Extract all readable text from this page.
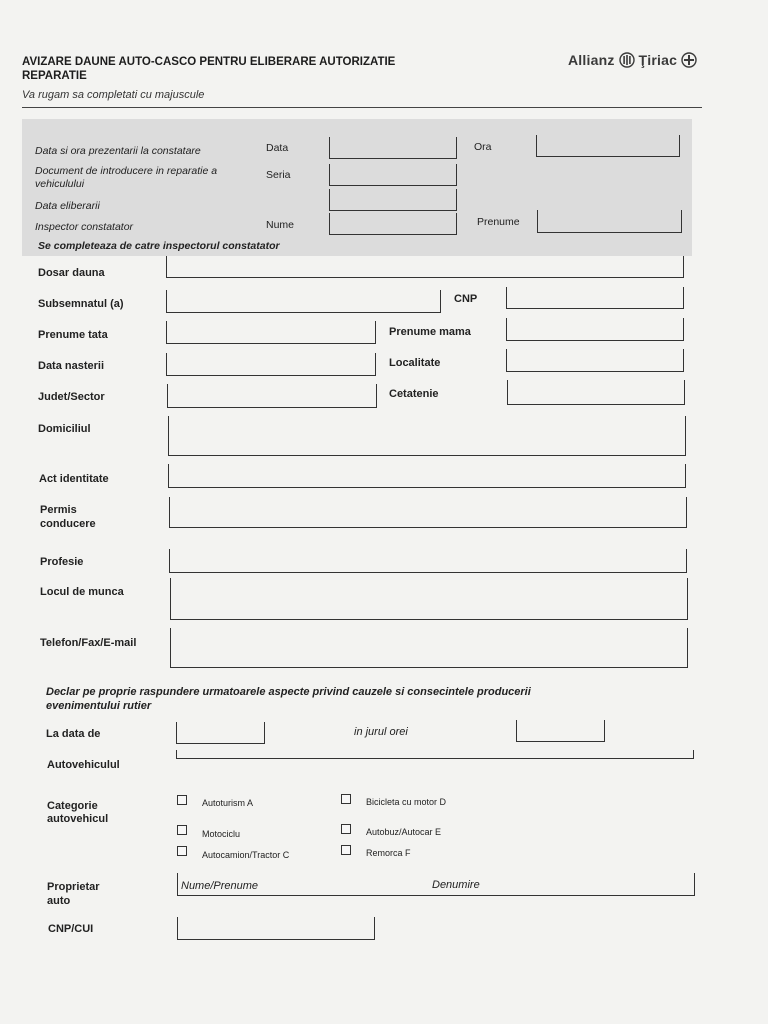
AVIZARE DAUNE AUTO-CASCO PENTRU ELIBERARE AUTORIZATIE REPARATIE
Va rugam sa completati cu majuscule
Allianz Ţiriac
Data si ora prezentarii la constatare	Data	Ora
Document de introducere in reparatie a vehiculului
Seria
Data eliberarii
Inspector constatator	Nume	Prenume
Se completeaza de catre inspectorul constatator
Dosar dauna
Subsemnatul (a)	CNP
Prenume tata	Prenume mama
Data nasterii	Localitate
Judet/Sector	Cetatenie
Domiciliul
Act identitate
Permis
conducere
Profesie
Locul de munca
Telefon/Fax/E-mail
Declar pe proprie raspundere urmatoarele aspecte privind cauzele si consecintele producerii evenimentului rutier
La data de	in jurul orei
Autovehiculul
Categorie
autovehicul
Autoturism A	Bicicleta cu motor D
Motociclu	Autobuz/Autocar E
Autocamion/Tractor C	Remorca F
Proprietar
auto
Nume/Prenume	Denumire
CNP/CUI
